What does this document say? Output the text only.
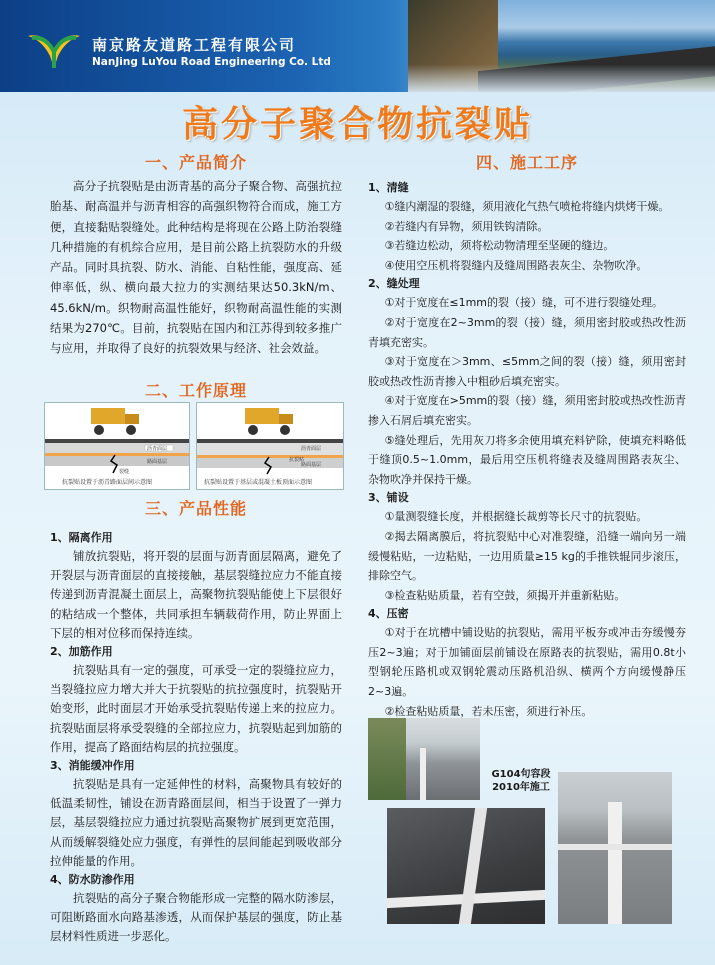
南京路友道路工程有限公司
NanJing LuYou Road Engineering Co. Ltd
高分子聚合物抗裂贴
一、产品简介

高分子抗裂贴是由沥青基的高分子聚合物、高强抗拉胎基、耐高温并与沥青相容的高强织物符合而成，施工方便，直接黏贴裂缝处。此种结构是将现在公路上防治裂缝几种措施的有机综合应用，是目前公路上抗裂防水的升级产品。同时具抗裂、防水、消能、自粘性能，强度高、延伸率低，纵、横向最大拉力的实测结果达50.3kN/m、45.6kN/m。织物耐高温性能好，织物耐高温性能的实测结果为270℃。目前，抗裂贴在国内和江苏得到较多推广与应用，并取得了良好的抗裂效果与经济、社会效益。

二、工作原理
沥青面层
路面基层
裂缝
抗裂贴设置于沥青路面层间示意图
沥青面层
路面基层
抗裂贴
抗裂贴设置于基层或混凝土板顶面示意图
三、产品性能

1、隔离作用

铺放抗裂贴，将开裂的层面与沥青面层隔离，避免了开裂层与沥青面层的直接接触，基层裂缝拉应力不能直接传递到沥青混凝土面层上，高聚物抗裂贴能使上下层很好的粘结成一个整体，共同承担车辆载荷作用，防止界面上下层的相对位移而保持连续。

2、加筋作用

抗裂贴具有一定的强度，可承受一定的裂缝拉应力，当裂缝拉应力增大并大于抗裂贴的抗拉强度时，抗裂贴开始变形，此时面层才开始承受抗裂贴传递上来的拉应力。抗裂贴面层将承受裂缝的全部拉应力，抗裂贴起到加筋的作用，提高了路面结构层的抗拉强度。

3、消能缓冲作用

抗裂贴是具有一定延伸性的材料，高聚物具有较好的低温柔韧性，铺设在沥青路面层间，相当于设置了一弹力层，基层裂缝拉应力通过抗裂贴高聚物扩展到更宽范围，从而缓解裂缝处应力强度，有弹性的层间能起到吸收部分拉伸能量的作用。

4、防水防渗作用

抗裂贴的高分子聚合物能形成一完整的隔水防渗层，可阻断路面水向路基渗透，从而保护基层的强度，防止基层材料性质进一步恶化。

四、施工工序

1、清缝

①缝内潮湿的裂缝，须用液化气热气喷枪将缝内烘烤干燥。

②若缝内有异物，须用铁钩清除。

③若缝边松动，须将松动物清理至坚硬的缝边。

④使用空压机将裂缝内及缝周围路表灰尘、杂物吹净。

2、缝处理

①对于宽度在≤1mm的裂（接）缝，可不进行裂缝处理。

②对于宽度在2~3mm的裂（接）缝，须用密封胶或热改性沥青填充密实。

③对于宽度在＞3mm、≤5mm之间的裂（接）缝，须用密封胶或热改性沥青掺入中粗砂后填充密实。

④对于宽度在>5mm的裂（接）缝，须用密封胶或热改性沥青掺入石屑后填充密实。

⑤缝处理后，先用灰刀将多余使用填充料铲除，使填充料略低于缝顶0.5~1.0mm，最后用空压机将缝表及缝周围路表灰尘、杂物吹净并保持干燥。

3、铺设

①量测裂缝长度，并根据缝长裁剪等长尺寸的抗裂贴。

②揭去隔离膜后，将抗裂贴中心对准裂缝，沿缝一端向另一端缓慢粘贴，一边粘贴，一边用质量≥15 kg的手推铁辊同步滚压，排除空气。

③检查粘贴质量，若有空鼓，须揭开并重新粘贴。

4、压密

①对于在坑槽中铺设贴的抗裂贴，需用平板夯或冲击夯缓慢夯压2~3遍；对于加铺面层前铺设在原路表的抗裂贴，需用0.8t小型钢轮压路机或双钢轮震动压路机沿纵、横两个方向缓慢静压2~3遍。

②检查粘贴质量，若未压密，须进行补压。

G104句容段
2010年施工
